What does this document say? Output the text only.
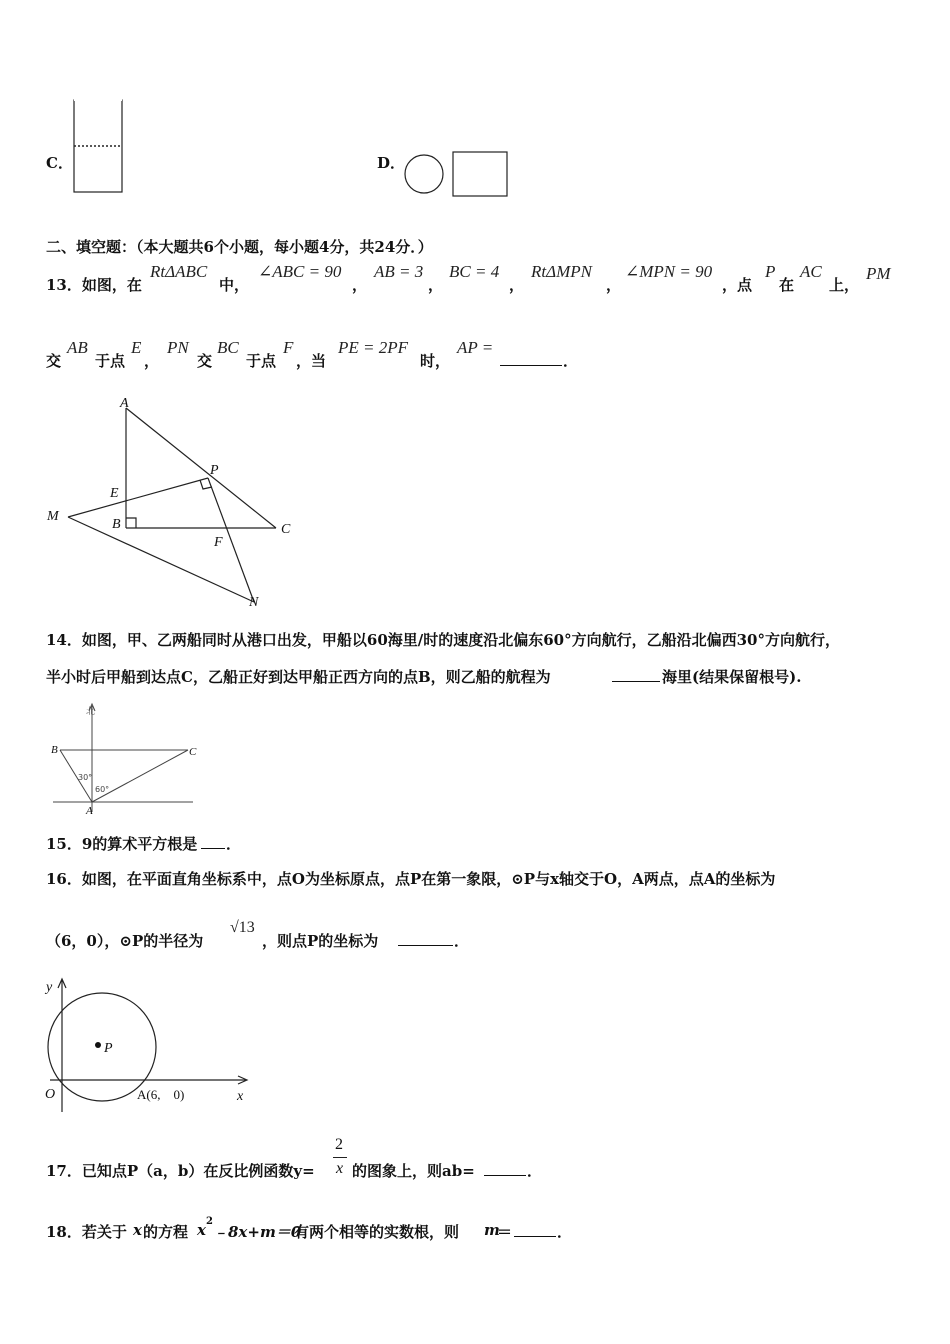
C．	D．
二、填空题：（本大题共6个小题，每小题4分，共24分．）
13．如图，在
RtΔABC
中，
∠ABC = 90
，
AB = 3
，
BC = 4
，
RtΔMPN
，
∠MPN = 90
，点
P
在
AC
上，
PM
交
AB
于点
E
，
PN
交
BC
于点
F
，当
PE = 2PF
时，
AP =
．
A
P
E
M
B	C
F
N
14．如图，甲、乙两船同时从港口出发，甲船以60海里/时的速度沿北偏东60°方向航行，乙船沿北偏西30°方向航行，
半小时后甲船到达点C，乙船正好到达甲船正西方向的点B，则乙船的航程为	海里(结果保留根号).
北
B	C
A
30°
60°
15．9的算术平方根是 ．
16．如图，在平面直角坐标系中，点O为坐标原点，点P在第一象限，⊙P与x轴交于O，A两点，点A的坐标为
（6，0），⊙P的半径为
√13
，则点P的坐标为	．
y
x
O
P
A(6,　0)
17．已知点P（a，b）在反比例函数y=
2
x 的图象上，则ab=	．
18．若关于 x 的方程 x 2
﹣8x+m＝0
有两个相等的实数根，则 m
＝	．
